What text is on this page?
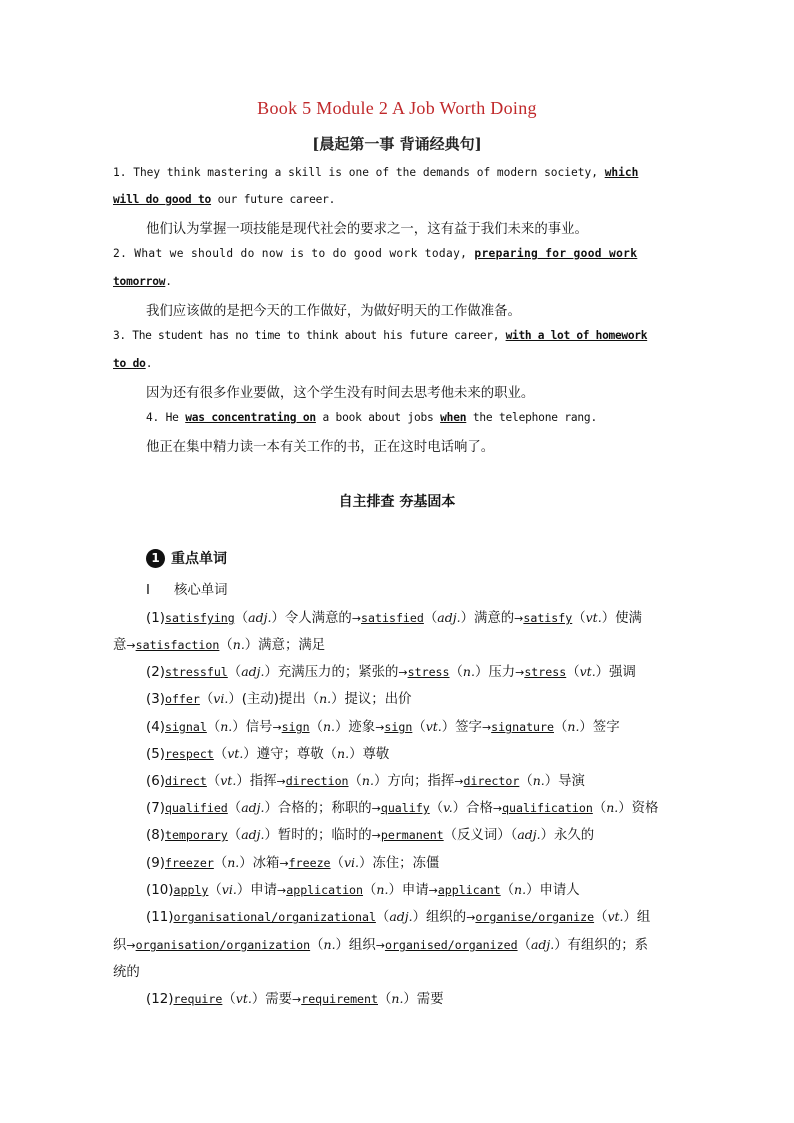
Book 5 Module 2 A Job Worth Doing
[晨起第一事 背诵经典句]
1. They think mastering a skill is one of the demands of modern society, which
will do good to our future career.
他们认为掌握一项技能是现代社会的要求之一，这有益于我们未来的事业。
2. What we should do now is to do good work today, preparing for good work
tomorrow.
我们应该做的是把今天的工作做好，为做好明天的工作做准备。
3. The student has no time to think about his future career, with a lot of homework
to do.
因为还有很多作业要做，这个学生没有时间去思考他未来的职业。
4. He was concentrating on a book about jobs when the telephone rang.
他正在集中精力读一本有关工作的书，正在这时电话响了。
自主排查 夯基固本
1 重点单词
Ⅰ 核心单词
(1)satisfying（adj.）令人满意的→satisfied（adj.）满意的→satisfy（vt.）使满
意→satisfaction（n.）满意；满足
(2)stressful（adj.）充满压力的；紧张的→stress（n.）压力→stress（vt.）强调
(3)offer（vi.）(主动)提出（n.）提议；出价
(4)signal（n.）信号→sign（n.）迹象→sign（vt.）签字→signature（n.）签字
(5)respect（vt.）遵守；尊敬（n.）尊敬
(6)direct（vt.）指挥→direction（n.）方向；指挥→director（n.）导演
(7)qualified（adj.）合格的；称职的→qualify（v.）合格→qualification（n.）资格
(8)temporary（adj.）暂时的；临时的→permanent（反义词）（adj.）永久的
(9)freezer（n.）冰箱→freeze（vi.）冻住；冻僵
(10)apply（vi.）申请→application（n.）申请→applicant（n.）申请人
(11)organisational/organizational（adj.）组织的→organise/organize（vt.）组
织→organisation/organization（n.）组织→organised/organized（adj.）有组织的；系
统的
(12)require（vt.）需要→requirement（n.）需要
